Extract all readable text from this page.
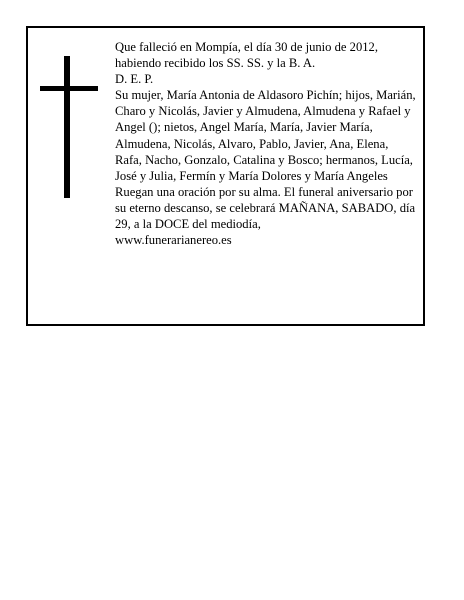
Que falleció en Mompía, el día 30 de junio de 2012, habiendo recibido los SS. SS. y la B. A.

D. E. P.

Su mujer, María Antonia de Aldasoro Pichín; hijos, Marián, Charo y Nicolás, Javier y Almudena, Almudena y Rafael y Angel (); nietos, Angel María, María, Javier María, Almudena, Nicolás, Alvaro, Pablo, Javier, Ana, Elena, Rafa, Nacho, Gonzalo, Catalina y Bosco; hermanos, Lucía, José y Julia, Fermín y María Dolores y María Angeles

Ruegan una oración por su alma. El funeral aniversario por su eterno descanso, se celebrará MAÑANA, SABADO, día 29, a la DOCE del mediodía,

www.funerarianereo.es
